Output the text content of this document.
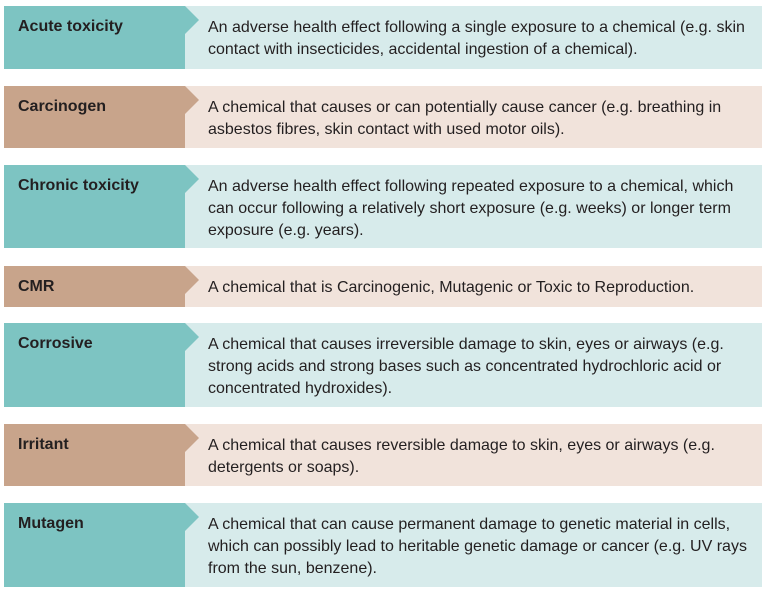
Acute toxicity	An adverse health effect following a single exposure to a chemical (e.g. skin contact with insecticides, accidental ingestion of a chemical).
Carcinogen	A chemical that causes or can potentially cause cancer (e.g. breathing in asbestos fibres, skin contact with used motor oils).
Chronic toxicity	An adverse health effect following repeated exposure to a chemical, which can occur following a relatively short exposure (e.g. weeks) or longer term exposure (e.g. years).
CMR	A chemical that is Carcinogenic, Mutagenic or Toxic to Reproduction.
Corrosive	A chemical that causes irreversible damage to skin, eyes or airways (e.g. strong acids and strong bases such as concentrated hydrochloric acid or concentrated hydroxides).
Irritant	A chemical that causes reversible damage to skin, eyes or airways (e.g. detergents or soaps).
Mutagen	A chemical that can cause permanent damage to genetic material in cells, which can possibly lead to heritable genetic damage or cancer (e.g. UV rays from the sun, benzene).
